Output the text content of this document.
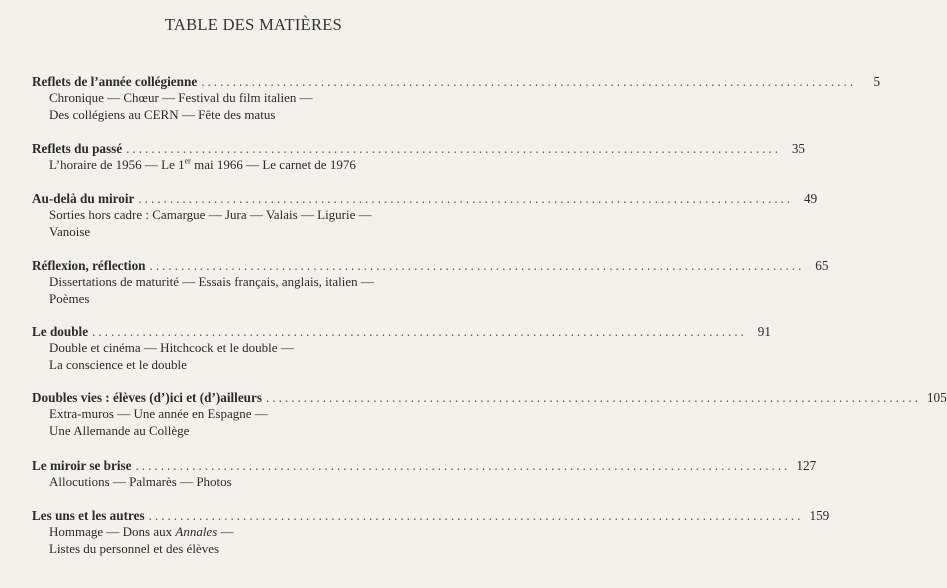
TABLE DES MATIÈRES
Reflets de l’année collégienne ........................................................................................................	5
Chronique — Chœur — Festival du film italien —
Des collégiens au CERN — Fête des matus
Reflets du passé ........................................................................................................ 35
L’horaire de 1956 — Le 1er mai 1966 — Le carnet de 1976
Au-delà du miroir ........................................................................................................ 49
Sorties hors cadre : Camargue — Jura — Valais — Ligurie —
Vanoise
Réflexion, réflection ........................................................................................................ 65
Dissertations de maturité — Essais français, anglais, italien —
Poèmes
Le double ........................................................................................................ 91
Double et cinéma — Hitchcock et le double —
La conscience et le double
Doubles vies : élèves (d’)ici et (d’)ailleurs ........................................................................................................ 105
Extra-muros — Une année en Espagne —
Une Allemande au Collège
Le miroir se brise ........................................................................................................ 127
Allocutions — Palmarès — Photos
Les uns et les autres ........................................................................................................ 159
Hommage — Dons aux Annales —
Listes du personnel et des élèves
